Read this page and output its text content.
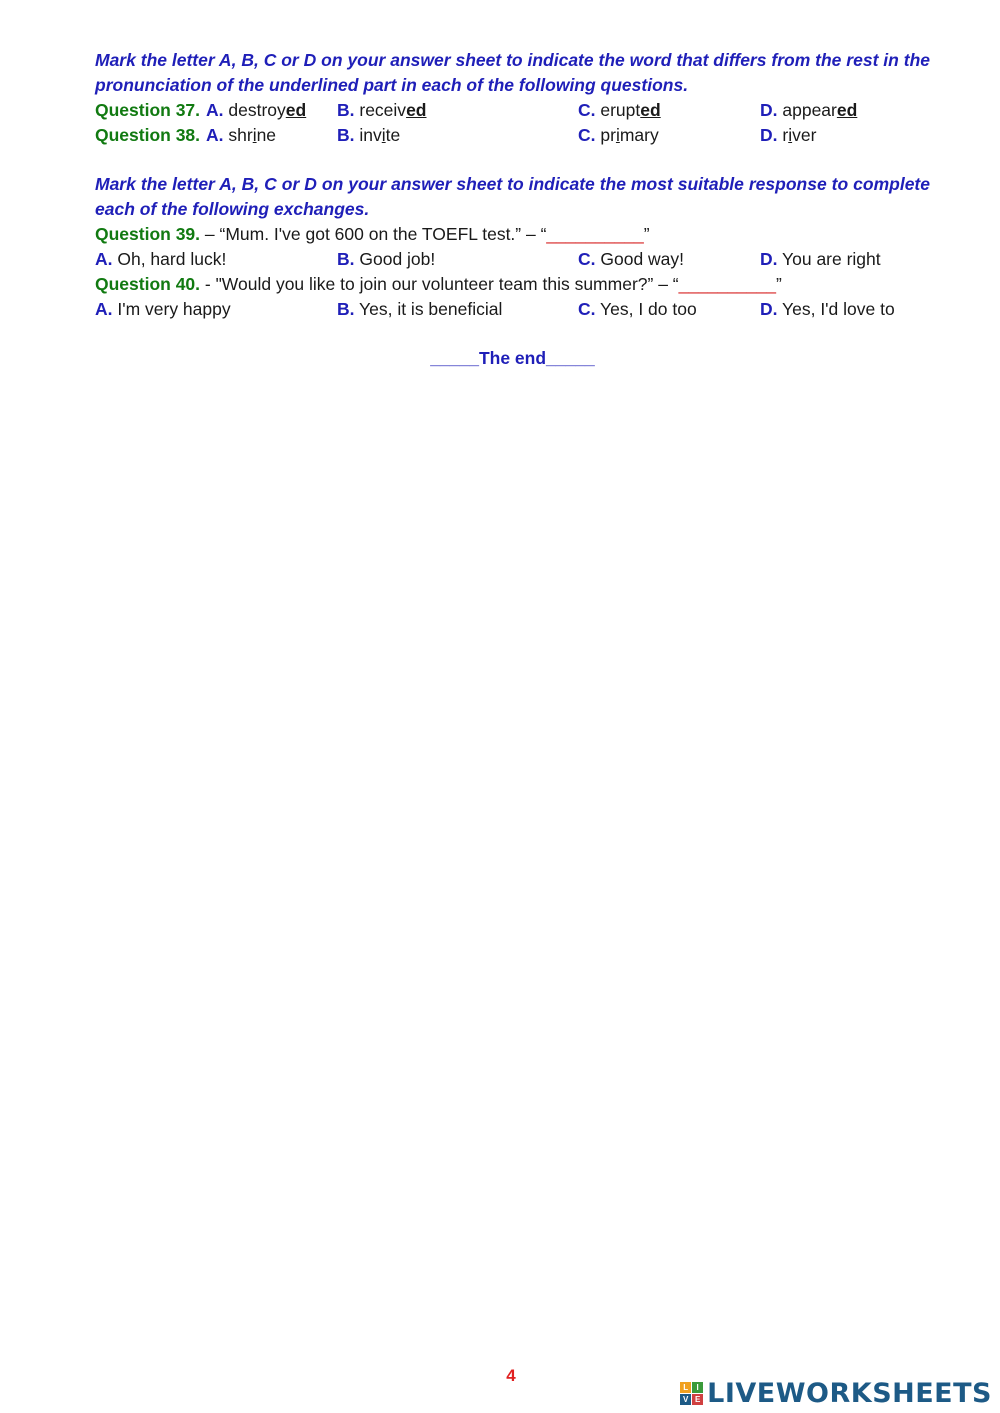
Mark the letter A, B, C or D on your answer sheet to indicate the word that differs from the rest in the pronunciation of the underlined part in each of the following questions.
Question 37. A. destroyed B. received	C. erupted	D. appeared
Question 38. A. shrine	B. invite	C. primary	D. river
Mark the letter A, B, C or D on your answer sheet to indicate the most suitable response to complete each of the following exchanges.
Question 39. – “Mum. I've got 600 on the TOEFL test.” – “__________”
A. Oh, hard luck!	B. Good job!	C. Good way!	D. You are right
Question 40. - "Would you like to join our volunteer team this summer?” – “__________”
A. I'm very happy	B. Yes, it is beneficial	C. Yes, I do too	D. Yes, I'd love to
_____The end_____
4
L	I
V E LIVEWORKSHEETS
